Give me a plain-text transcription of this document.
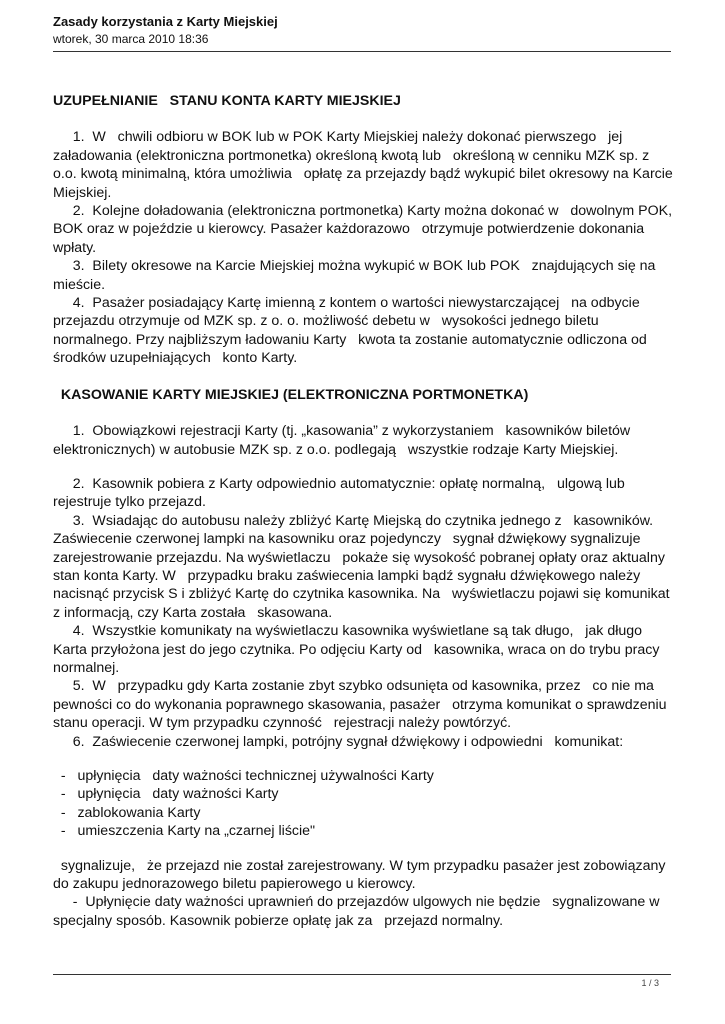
Zasady korzystania z Karty Miejskiej
wtorek, 30 marca 2010 18:36

UZUPEŁNIANIE   STANU KONTA KARTY MIEJSKIEJ

1.  W   chwili odbioru w BOK lub w POK Karty Miejskiej należy dokonać pierwszego   jej załadowania (elektroniczna portmonetka) określoną kwotą lub   określoną w cenniku MZK sp. z o.o. kwotą minimalną, która umożliwia   opłatę za przejazdy bądź wykupić bilet okresowy na Karcie Miejskiej.

2.  Kolejne doładowania (elektroniczna portmonetka) Karty można dokonać w   dowolnym POK, BOK oraz w pojeździe u kierowcy. Pasażer każdorazowo   otrzymuje potwierdzenie dokonania wpłaty.

3.  Bilety okresowe na Karcie Miejskiej można wykupić w BOK lub POK   znajdujących się na mieście.

4.  Pasażer posiadający Kartę imienną z kontem o wartości niewystarczającej   na odbycie przejazdu otrzymuje od MZK sp. z o. o. możliwość debetu w   wysokości jednego biletu normalnego. Przy najbliższym ładowaniu Karty   kwota ta zostanie automatycznie odliczona od środków uzupełniających   konto Karty.

KASOWANIE KARTY MIEJSKIEJ (ELEKTRONICZNA PORTMONETKA)

1.  Obowiązkowi rejestracji Karty (tj. „kasowania” z wykorzystaniem   kasowników biletów elektronicznych) w autobusie MZK sp. z o.o. podlegają   wszystkie rodzaje Karty Miejskiej.

2.  Kasownik pobiera z Karty odpowiednio automatycznie: opłatę normalną,   ulgową lub rejestruje tylko przejazd.

3.  Wsiadając do autobusu należy zbliżyć Kartę Miejską do czytnika jednego z   kasowników. Zaświecenie czerwonej lampki na kasowniku oraz pojedynczy   sygnał dźwiękowy sygnalizuje zarejestrowanie przejazdu. Na wyświetlaczu   pokaże się wysokość pobranej opłaty oraz aktualny stan konta Karty. W   przypadku braku zaświecenia lampki bądź sygnału dźwiękowego należy   nacisnąć przycisk S i zbliżyć Kartę do czytnika kasownika. Na   wyświetlaczu pojawi się komunikat z informacją, czy Karta została   skasowana.

4.  Wszystkie komunikaty na wyświetlaczu kasownika wyświetlane są tak długo,   jak długo Karta przyłożona jest do jego czytnika. Po odjęciu Karty od   kasownika, wraca on do trybu pracy normalnej.

5.  W   przypadku gdy Karta zostanie zbyt szybko odsunięta od kasownika, przez   co nie ma pewności co do wykonania poprawnego skasowania, pasażer   otrzyma komunikat o sprawdzeniu stanu operacji. W tym przypadku czynność   rejestracji należy powtórzyć.

6.  Zaświecenie czerwonej lampki, potrójny sygnał dźwiękowy i odpowiedni   komunikat:

-   upłynięcia   daty ważności technicznej używalności Karty

-   upłynięcia   daty ważności Karty

-   zablokowania Karty

-   umieszczenia Karty na „czarnej liście"

sygnalizuje,   że przejazd nie został zarejestrowany. W tym przypadku pasażer jest zobowiązany do zakupu jednorazowego biletu papierowego u kierowcy.

-  Upłynięcie daty ważności uprawnień do przejazdów ulgowych nie będzie   sygnalizowane w specjalny sposób. Kasownik pobierze opłatę jak za   przejazd normalny.

1 / 3
